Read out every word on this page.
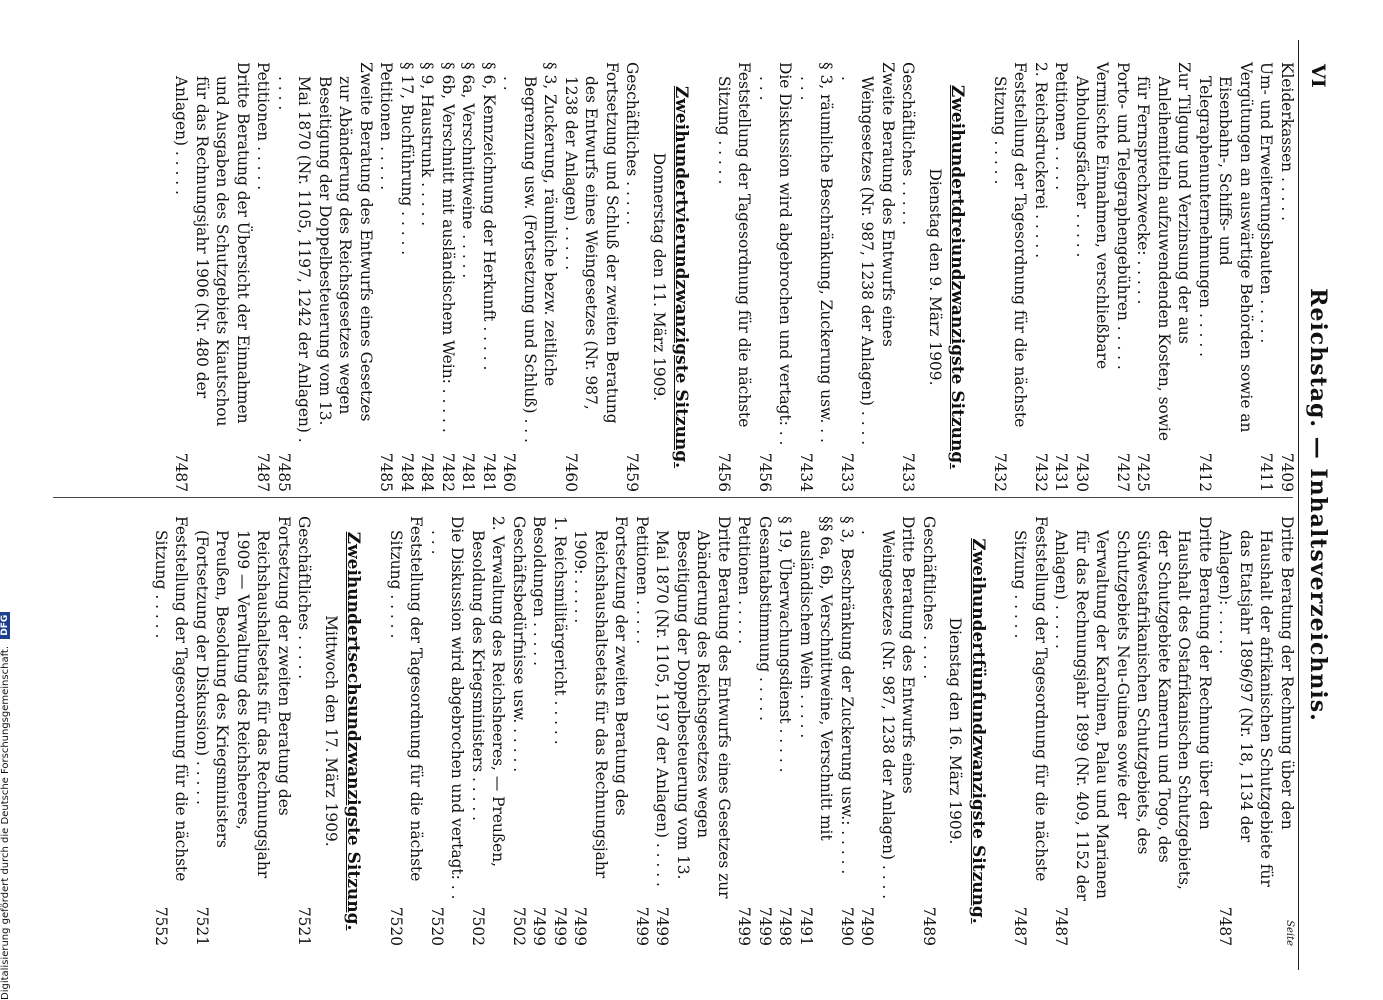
VI
Reichstag. — Inhaltsverzeichnis.
Kleiderkassen . . . . .
7409
Um- und Erweiterungsbauten . . . . .
7411
Vergütungen an auswärtige Behörden sowie an Eisenbahn-, Schiffs- und Telegraphenunternehmungen . . . . .
7412
Zur Tilgung und Verzinsung der aus Anleihemitteln aufzuwendenden Kosten, sowie für Fernsprechzwecke: . . . . .
7425
Porto- und Telegraphengebühren . . . . .
7427
Vermischte Einnahmen, verschließbare Abholungsfächer . . . . .
7430
Petitionen . . . . .
7431
2. Reichsdruckerei . . . . .
7432
Feststellung der Tagesordnung für die nächste Sitzung . . . . .
7432
Zweihundertdreiundzwanzigste Sitzung.
Dienstag den 9. März 1909.
Geschäftliches . . . . .
7433
Zweite Beratung des Entwurfs eines Weingesetzes (Nr. 987, 1238 der Anlagen) . . . . .
7433
§ 3, räumliche Beschränkung, Zuckerung usw. . . . . .
7434
Die Diskussion wird abgebrochen und vertagt: . . . . .
7456
Feststellung der Tagesordnung für die nächste Sitzung . . . . .
7456
Zweihundertvierundzwanzigste Sitzung.
Donnerstag den 11. März 1909.
Geschäftliches . . . . .
7459
Fortsetzung und Schluß der zweiten Beratung des Entwurfs eines Weingesetzes (Nr. 987, 1238 der Anlagen) . . . . .
7460
§ 3, Zuckerung, räumliche bezw. zeitliche Begrenzung usw. (Fortsetzung und Schluß) . . . . .
7460
§ 6, Kennzeichnung der Herkunft . . . . .
7481
§ 6a, Verschnittweine . . . . .
7481
§ 6b, Verschnitt mit ausländischem Wein: . . . . .
7482
§ 9, Haustrunk . . . . .
7484
§ 17, Buchführung . . . . .
7484
Petitionen . . . . .
7485
Zweite Beratung des Entwurfs eines Gesetzes zur Abänderung des Reichsgesetzes wegen Beseitigung der Doppelbesteuerung vom 13. Mai 1870 (Nr. 1105, 1197, 1242 der Anlagen) . . . . .
7485
Petitionen . . . . .
7487
Dritte Beratung der Übersicht der Einnahmen und Ausgaben des Schutzgebiets Kiautschou für das Rechnungsjahr 1906 (Nr. 480 der Anlagen) . . . . .
7487
Seite
Dritte Beratung der Rechnung über den Haushalt der afrikanischen Schutzgebiete für das Etatsjahr 1896/97 (Nr. 18, 1134 der Anlagen): . . . . .
7487
Dritte Beratung der Rechnung über den Haushalt des Ostafrikanischen Schutzgebiets, der Schutzgebiete Kamerun und Togo, des Südwestafrikanischen Schutzgebiets, des Schutzgebiets Neu-Guinea sowie der Verwaltung der Karolinen, Palau und Marianen für das Rechnungsjahr 1899 (Nr. 409, 1152 der Anlagen) . . . . .
7487
Feststellung der Tagesordnung für die nächste Sitzung . . . . .
7487
Zweihundertfünfundzwanzigste Sitzung.
Dienstag den 16. März 1909.
Geschäftliches . . . . .
7489
Dritte Beratung des Entwurfs eines Weingesetzes (Nr. 987, 1238 der Anlagen) . . . . .
7490
§ 3, Beschränkung der Zuckerung usw.: . . . . .
7490
§§ 6a, 6b, Verschnittweine, Verschnitt mit ausländischem Wein . . . . .
7491
§ 19, Überwachungsdienst . . . . .
7498
Gesamtabstimmung . . . . .
7499
Petitionen . . . . .
7499
Dritte Beratung des Entwurfs eines Gesetzes zur Abänderung des Reichsgesetzes wegen Beseitigung der Doppelbesteuerung vom 13. Mai 1870 (Nr. 1105, 1197 der Anlagen) . . . . .
7499
Petitionen . . . . .
7499
Fortsetzung der zweiten Beratung des Reichshaushaltsetats für das Rechnungsjahr 1909: . . . . .
7499
1. Reichsmilitärgericht . . . . .
7499
Besoldungen . . . . .
7499
Geschäftsbedürfnisse usw. . . . . .
7502
2. Verwaltung des Reichsheeres, — Preußen, Besoldung des Kriegsministers . . . . .
7502
Die Diskussion wird abgebrochen und vertagt: . . . . .
7520
Feststellung der Tagesordnung für die nächste Sitzung . . . . .
7520
Zweihundertsechsundzwanzigste Sitzung.
Mittwoch den 17. März 1909.
Geschäftliches . . . . .
7521
Fortsetzung der zweiten Beratung des Reichshaushaltsetats für das Rechnungsjahr 1909 — Verwaltung des Reichsheeres, Preußen, Besoldung des Kriegsministers (Fortsetzung der Diskussion) . . . . .
7521
Feststellung der Tagesordnung für die nächste Sitzung . . . . .
7552
Digitalisierung gefördert durch die Deutsche Forschungsgemeinschaft. DFG
